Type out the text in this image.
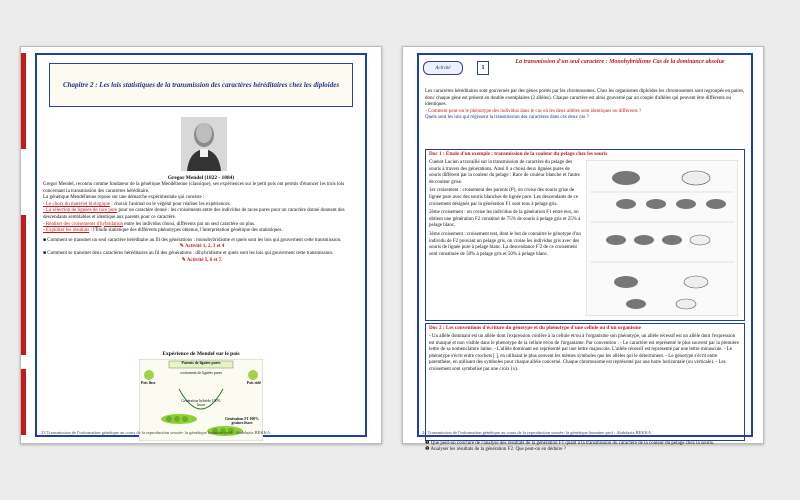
Chapitre 2 : Les lois statistiques de la transmission des caractères héréditaires chez les diploïdes
Gregor Mendel (1822 - 1884)
Gregor Mendel, reconnu comme fondateur de la génétique Mendélienne (classique), ses expériences sur le petit pois ont permis d'énoncer les trois lois concernant la transmission des caractères héréditaire.
La génétique Mendélienne repose sur une démarche expérimentale qui consiste :
- Le choix du matériel biologique : choisir l'animal ou le végétal pour réaliser les expériences.
- La sélection de lignées de race pure pour un caractère donné : les croisements entre des individus de races pures pour un caractère donné donnent des descendants semblables et identique aux parents pour ce caractère.
- Réaliser des croisements d'hybridation entre les individus choisi, différents par un seul caractère ou plus.
- Exploiter les résultats : l'Étude statistique des différents phénotypes obtenus, l'interprétation génétique des statistiques.
■ Comment se transmet un seul caractère héréditaire au fil des générations : monohybridisme et quels sont les lois qui gouvernent cette transmission.
✎ Activité 1, 2, 3 et 4
■ Comment se transmet deux caractères héréditaires au fil des générations : dihybridisme et quels sont les lois qui gouvernent cette transmission.
✎ Activité 5, 6 et 7.
Expérience de Mendel sur le pois
Parents de lignées pures
Pois lisse	Pois ridé
croisement de lignées pures
Génération hybride 100% lisses
Génération F1 100% graines lisses
23 Transmission de l'information génétique au cours de la reproduction sexuée: la génétique humaine prof : Abdelaziz BEKKA
Activité	1
La transmission d'un seul caractère : Monohybridisme Cas de la dominance absolue
Les caractères héréditaires sont gouvernés par des gènes portés par les chromosomes. Chez les organismes diploïdes les chromosomes sont regroupés en paires, donc chaque gène est présent en double exemplaires (2 allèles). Chaque caractère est ainsi gouverné par un couple d'allèles qui peuvent être différents ou identiques.
- Comment peut-on le phénotype des individus dans le cas où les deux allèles sont identiques ou différents ?
Quels sont les lois qui régissent la transmission des caractères dans ces deux cas ?
Doc 1 : Étude d'un exemple : transmission de la couleur du pelage chez les souris
Cuenot Lucien a travaillé sur la transmission de caractère du pelage des souris à travers des générations. Ainsi il a choisi deux lignées pures de souris différent par la couleur du pelage : Race de couleur blanche et l'autre de couleur grise.
1er croisement : croisement des parents (P), on croise des souris grise de lignée pure avec des souris blanches de lignée pure. Les descendants de ce croisement désignés par la génération F1 sont tous à pelage gris.
2ème croisement : on croise les individus de la génération F1 entre eux, on obtient une génération F2 constitué de 75% de souris à pelage gris et 25% à pelage blanc.
3ème croisement : croisement test, dont le but de connaitre le génotype d'un individu de F2 pouvant un pelage gris, on croise les individus gris avec des souris de lignée pure à pelage blanc. La descendance F'2 de ce croisement sont constituée de 50% à pelage gris et 50% à pelage blanc.
Doc 2 : Les conventions d'écriture du génotype et du phénotype d'une cellule ou d'un organisme
- Un allèle dominant est un allèle dont l'expression confère à la cellule et/ou à l'organisme son phénotype, un allèle récessif est un allèle dont l'expression est masqué et non visible dans le phénotype de la cellule et/ou de l'organisme. Par convention : - Le caractère est représenté le plus souvent par la première lettre de sa nomenclature latine. - L'allèle dominant est représenté par une lettre majuscule. L'allèle récessif est représenté par une lettre minuscule. - Le phénotype s'écrit entre crochets [ ], en utilisant le plus souvent les mêmes symboles que les allèles qui le déterminent. - Le génotype s'écrit entre parenthèse, en utilisant des symboles pour chaque allèle concerné. Chaque chromosome est représenté par une barre horizontale (ou verticale). - Les croisement sont symbolisé par une croix (x).
❶ Que peut-on conclure de l'analyse des résultats de la génération F1 quant à la transmission du caractère de la couleur du pelage chez la souris.
❷ Analyser les résultats de la génération F2. Que peut-on en déduire ?
24 Transmission de l'information génétique au cours de la reproduction sexuée: la génétique humaine prof : Abdelaziz BEKKA
